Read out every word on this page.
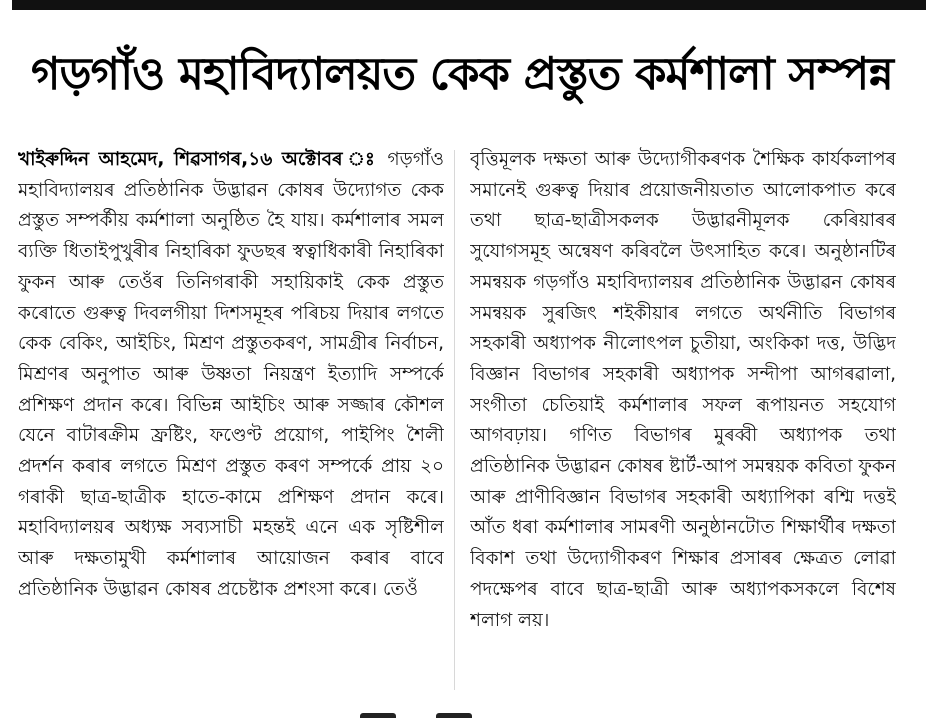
গড়গাঁও মহাবিদ্যালয়ত কেক প্ৰস্তুত কৰ্মশালা সম্পন্ন
খাইৰুদ্দিন আহমেদ, শিৱসাগৰ,১৬ অক্টোবৰ ঃ গড়গাঁও মহাবিদ্যালয়ৰ প্ৰতিষ্ঠানিক উদ্ভাৱন কোষৰ উদ্যোগত কেক প্ৰস্তুত সম্পৰ্কীয় কৰ্মশালা অনুষ্ঠিত হৈ যায়। কৰ্মশালাৰ সমল ব্যক্তি ধিতাইপুখুৰীৰ নিহাৰিকা ফুডছৰ স্বত্বাধিকাৰী নিহাৰিকা ফুকন আৰু তেওঁৰ তিনিগৰাকী সহায়িকাই কেক প্ৰস্তুত কৰোতে গুৰুত্ব দিবলগীয়া দিশসমূহৰ পৰিচয় দিয়াৰ লগতে কেক বেকিং, আইচিং, মিশ্ৰণ প্ৰস্তুতকৰণ, সামগ্ৰীৰ নিৰ্বাচন, মিশ্ৰণৰ অনুপাত আৰু উষ্ণতা নিয়ন্ত্ৰণ ইত্যাদি সম্পৰ্কে প্ৰশিক্ষণ প্ৰদান কৰে। বিভিন্ন আইচিং আৰু সজ্জাৰ কৌশল যেনে বাটাৰক্ৰীম ফ্ৰষ্টিং, ফণ্ডেণ্ট প্ৰয়োগ, পাইপিং শৈলী প্ৰদৰ্শন কৰাৰ লগতে মিশ্ৰণ প্ৰস্তুত কৰণ সম্পৰ্কে প্ৰায় ২০ গৰাকী ছাত্ৰ-ছাত্ৰীক হাতে-কামে প্ৰশিক্ষণ প্ৰদান কৰে। মহাবিদ্যালয়ৰ অধ্যক্ষ সব্যসাচী মহন্তই এনে এক সৃষ্টিশীল আৰু দক্ষতামুখী কৰ্মশালাৰ আয়োজন কৰাৰ বাবে প্ৰতিষ্ঠানিক উদ্ভাৱন কোষৰ প্ৰচেষ্টাক প্ৰশংসা কৰে। তেওঁ
বৃত্তিমূলক দক্ষতা আৰু উদ্যোগীকৰণক শৈক্ষিক কাৰ্যকলাপৰ সমানেই গুৰুত্ব দিয়াৰ প্ৰয়োজনীয়তাত আলোকপাত কৰে তথা ছাত্ৰ-ছাত্ৰীসকলক উদ্ভাৱনীমূলক কেৰিয়াৰৰ সুযোগসমূহ অন্বেষণ কৰিবলৈ উৎসাহিত কৰে। অনুষ্ঠানটিৰ সমন্বয়ক গড়গাঁও মহাবিদ্যালয়ৰ প্ৰতিষ্ঠানিক উদ্ভাৱন কোষৰ সমন্বয়ক সুৰজিৎ শইকীয়াৰ লগতে অৰ্থনীতি বিভাগৰ সহকাৰী অধ্যাপক নীলোৎপল চুতীয়া, অংকিকা দত্ত, উদ্ভিদ বিজ্ঞান বিভাগৰ সহকাৰী অধ্যাপক সন্দীপা আগৰৱালা, সংগীতা চেতিয়াই কৰ্মশালাৰ সফল ৰূপায়নত সহযোগ আগবঢ়ায়। গণিত বিভাগৰ মুৰব্বী অধ্যাপক তথা প্ৰতিষ্ঠানিক উদ্ভাৱন কোষৰ ষ্টাৰ্ট-আপ সমন্বয়ক কবিতা ফুকন আৰু প্ৰাণীবিজ্ঞান বিভাগৰ সহকাৰী অধ্যাপিকা ৰশ্মি দত্তই আঁত ধৰা কৰ্মশালাৰ সামৰণী অনুষ্ঠানটোত শিক্ষাৰ্থীৰ দক্ষতা বিকাশ তথা উদ্যোগীকৰণ শিক্ষাৰ প্ৰসাৰৰ ক্ষেত্ৰত লোৱা পদক্ষেপৰ বাবে ছাত্ৰ-ছাত্ৰী আৰু অধ্যাপকসকলে বিশেষ শলাগ লয়।
